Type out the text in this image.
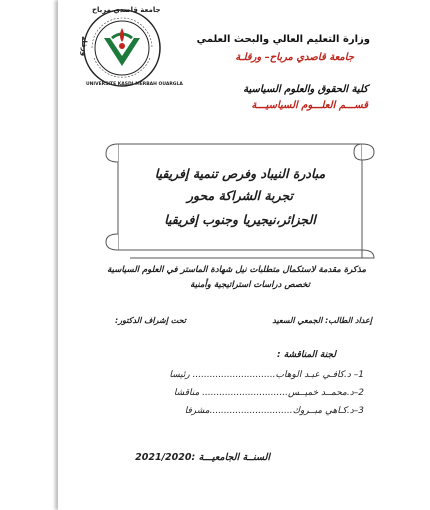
جامعة قاصدي مرباح
ورقلة
UNIVERSITE KASDI-MERBAH OUARGLA
وزارة التعليم العالي والبحث العلمي
جامعة قاصدي مرباح– ورقلـة
كلية الحقوق والعلوم السياسية
قســـم العلـــوم السياسيـــة
مبادرة النيباد وفرص تنمية إفريقيا
تجربة الشراكة محور
الجزائر،نيجيريا وجنوب إفريقيا
مذكرة مقدمة لاستكمال متطلبات نيل شهادة الماستر في العلوم السياسية
تخصص دراسات استراتيجية وأمنية
إعداد الطالب: الجمعي السعيد
تحت إشراف الدكتور:
لجنة المناقشة :
1– د.كافـي عبـد الوهاب............................. رئيسا
2–د.محمــد خميــس.............................. مناقشا
3–د.كـاهي مبــروك.............................مشرفا
السنــة الجامعيـــة :2021/2020
